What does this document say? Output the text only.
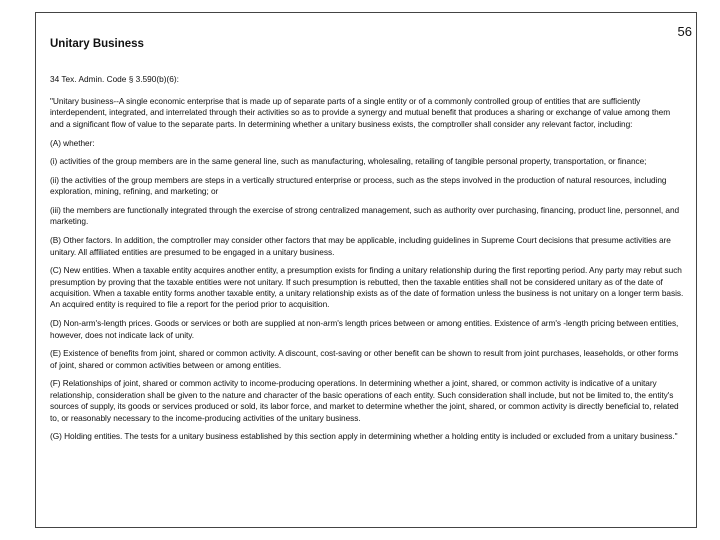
56
Unitary Business

34 Tex. Admin. Code § 3.590(b)(6):

"Unitary business--A single economic enterprise that is made up of separate parts of a single entity or of a commonly controlled group of entities that are sufficiently interdependent, integrated, and interrelated through their activities so as to provide a synergy and mutual benefit that produces a sharing or exchange of value among them and a significant flow of value to the separate parts. In determining whether a unitary business exists, the comptroller shall consider any relevant factor, including:

(A) whether:

(i) activities of the group members are in the same general line, such as manufacturing, wholesaling, retailing of tangible personal property, transportation, or finance;

(ii) the activities of the group members are steps in a vertically structured enterprise or process, such as the steps involved in the production of natural resources, including exploration, mining, refining, and marketing; or

(iii) the members are functionally integrated through the exercise of strong centralized management, such as authority over purchasing, financing, product line, personnel, and marketing.

(B) Other factors. In addition, the comptroller may consider other factors that may be applicable, including guidelines in Supreme Court decisions that presume activities are unitary. All affiliated entities are presumed to be engaged in a unitary business.

(C) New entities. When a taxable entity acquires another entity, a presumption exists for finding a unitary relationship during the first reporting period. Any party may rebut such presumption by proving that the taxable entities were not unitary. If such presumption is rebutted, then the taxable entities shall not be considered unitary as of the date of acquisition. When a taxable entity forms another taxable entity, a unitary relationship exists as of the date of formation unless the business is not unitary on a longer term basis. An acquired entity is required to file a report for the period prior to acquisition.

(D) Non-arm's-length prices. Goods or services or both are supplied at non-arm's length prices between or among entities. Existence of arm's -length pricing between entities, however, does not indicate lack of unity.

(E) Existence of benefits from joint, shared or common activity. A discount, cost-saving or other benefit can be shown to result from joint purchases, leaseholds, or other forms of joint, shared or common activities between or among entities.

(F) Relationships of joint, shared or common activity to income-producing operations. In determining whether a joint, shared, or common activity is indicative of a unitary relationship, consideration shall be given to the nature and character of the basic operations of each entity. Such consideration shall include, but not be limited to, the entity's sources of supply, its goods or services produced or sold, its labor force, and market to determine whether the joint, shared, or common activity is directly beneficial to, related to, or reasonably necessary to the income-producing activities of the unitary business.

(G) Holding entities. The tests for a unitary business established by this section apply in determining whether a holding entity is included or excluded from a unitary business."
